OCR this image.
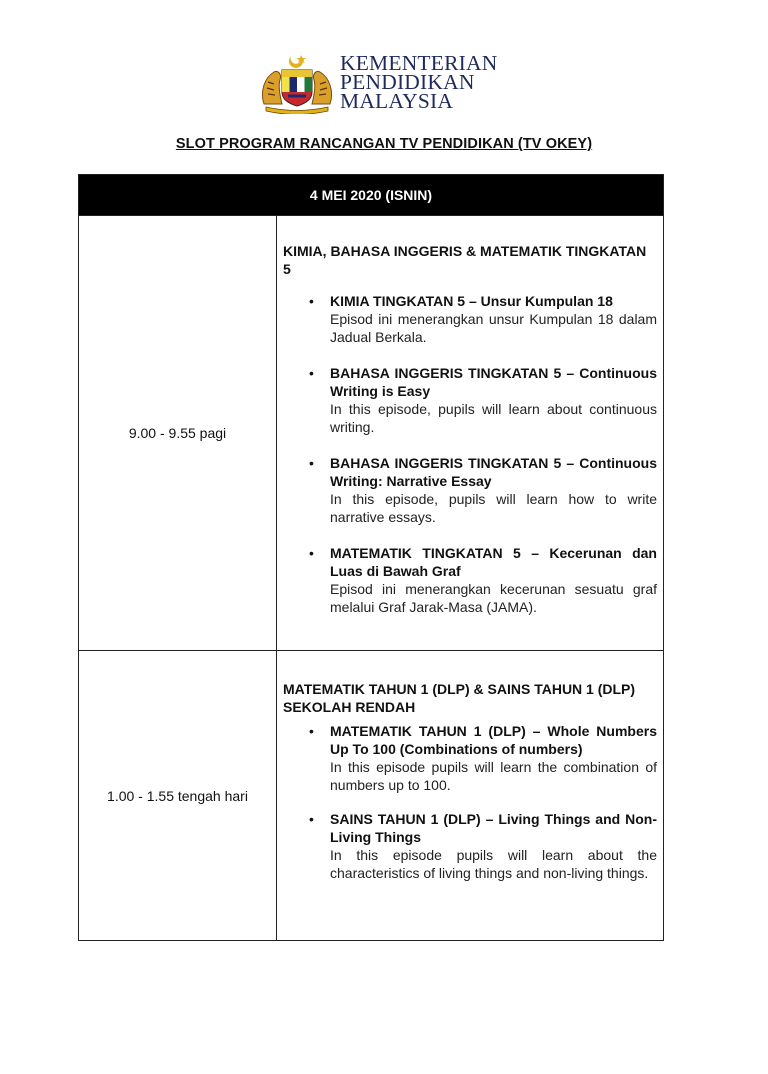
KEMENTERIAN
PENDIDIKAN
MALAYSIA
SLOT PROGRAM RANCANGAN TV PENDIDIKAN (TV OKEY)
4 MEI 2020 (ISNIN)
9.00 - 9.55 pagi
KIMIA, BAHASA INGGERIS & MATEMATIK TINGKATAN 5
• KIMIA TINGKATAN 5 – Unsur Kumpulan 18
Episod ini menerangkan unsur Kumpulan 18 dalam Jadual Berkala.
• BAHASA INGGERIS TINGKATAN 5 – Continuous Writing is Easy
In this episode, pupils will learn about continuous writing.
• BAHASA INGGERIS TINGKATAN 5 – Continuous Writing: Narrative Essay
In this episode, pupils will learn how to write narrative essays.
• MATEMATIK TINGKATAN 5 – Kecerunan dan Luas di Bawah Graf
Episod ini menerangkan kecerunan sesuatu graf melalui Graf Jarak-Masa (JAMA).
1.00 - 1.55 tengah hari
MATEMATIK TAHUN 1 (DLP) & SAINS TAHUN 1 (DLP) SEKOLAH RENDAH
• MATEMATIK TAHUN 1 (DLP) – Whole Numbers Up To 100 (Combinations of numbers)
In this episode pupils will learn the combination of numbers up to 100.
• SAINS TAHUN 1 (DLP) – Living Things and Non-Living Things
In this episode pupils will learn about the characteristics of living things and non-living things.
